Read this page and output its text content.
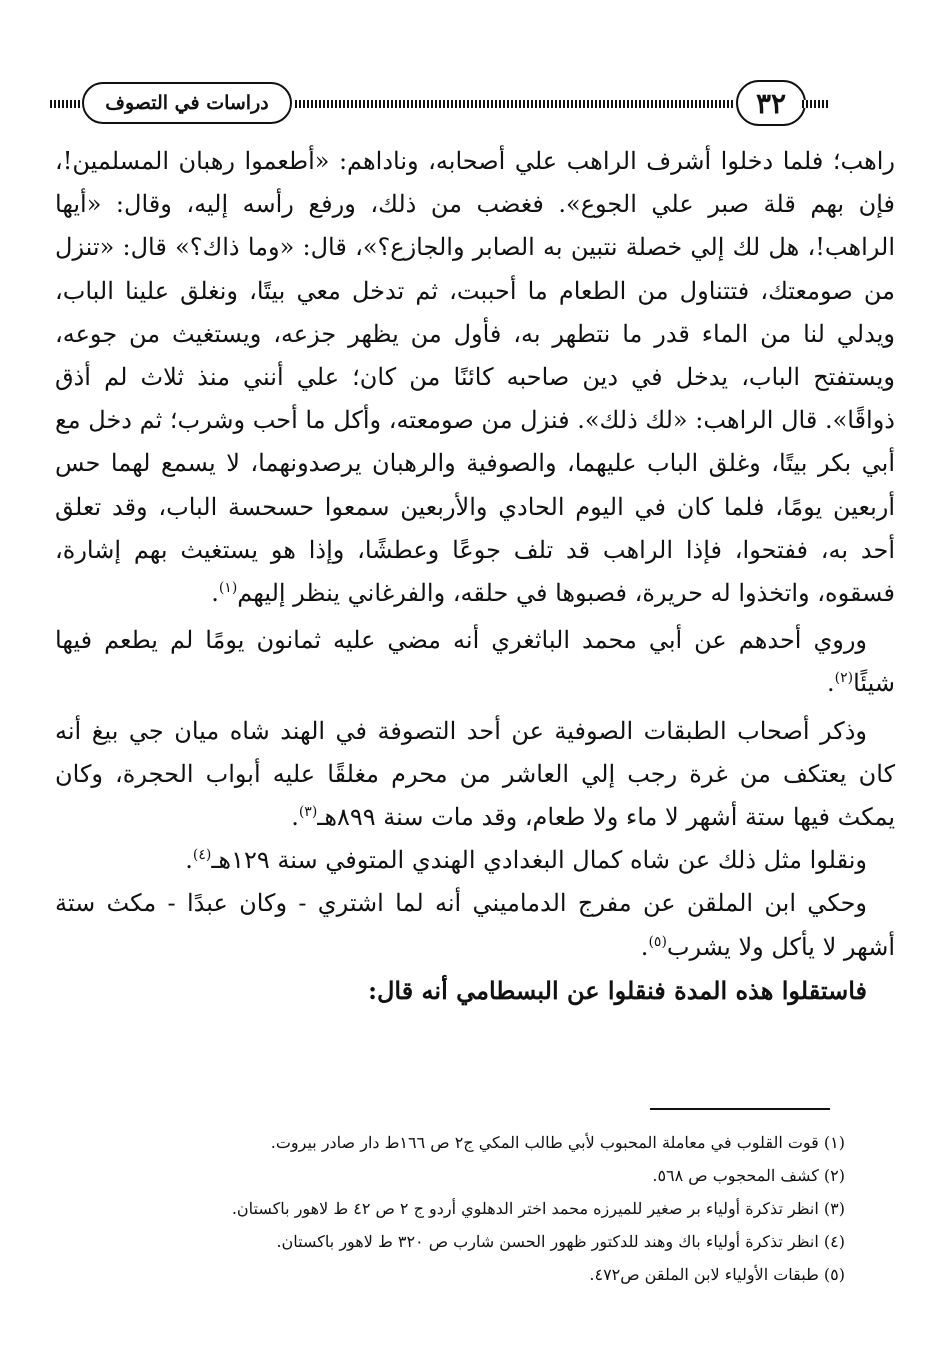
دراسات في التصوف	٣٢

راهب؛ فلما دخلوا أشرف الراهب علي أصحابه، وناداهم: «أطعموا رهبان المسلمين!، فإن بهم قلة صبر علي الجوع». فغضب من ذلك، ورفع رأسه إليه، وقال: «أيها الراهب!، هل لك إلي خصلة نتبين به الصابر والجازع؟»، قال: «وما ذاك؟» قال: «تنزل من صومعتك، فتتناول من الطعام ما أحببت، ثم تدخل معي بيتًا، ونغلق علينا الباب، ويدلي لنا من الماء قدر ما نتطهر به، فأول من يظهر جزعه، ويستغيث من جوعه، ويستفتح الباب، يدخل في دين صاحبه كائنًا من كان؛ علي أنني منذ ثلاث لم أذق ذواقًا». قال الراهب: «لك ذلك». فنزل من صومعته، وأكل ما أحب وشرب؛ ثم دخل مع أبي بكر بيتًا، وغلق الباب عليهما، والصوفية والرهبان يرصدونهما، لا يسمع لهما حس أربعين يومًا، فلما كان في اليوم الحادي والأربعين سمعوا حسحسة الباب، وقد تعلق أحد به، ففتحوا، فإذا الراهب قد تلف جوعًا وعطشًا، وإذا هو يستغيث بهم إشارة، فسقوه، واتخذوا له حريرة، فصبوها في حلقه، والفرغاني ينظر إليهم$^{(١)}$.

وروي أحدهم عن أبي محمد الباثغري أنه مضي عليه ثمانون يومًا لم يطعم فيها شيئًا$^{(٢)}$.

وذكر أصحاب الطبقات الصوفية عن أحد التصوفة في الهند شاه ميان جي بيغ أنه كان يعتكف من غرة رجب إلي العاشر من محرم مغلقًا عليه أبواب الحجرة، وكان يمكث فيها ستة أشهر لا ماء ولا طعام، وقد مات سنة ٨٩٩هـ$^{(٣)}$.

ونقلوا مثل ذلك عن شاه كمال البغدادي الهندي المتوفي سنة ١٢٩هـ$^{(٤)}$.

وحكي ابن الملقن عن مفرج الدماميني أنه لما اشتري - وكان عبدًا - مكث ستة أشهر لا يأكل ولا يشرب$^{(٥)}$.

فاستقلوا هذه المدة فنقلوا عن البسطامي أنه قال:

(١) قوت القلوب في معاملة المحبوب لأبي طالب المكي ج٢ ص ١٦٦ط دار صادر بيروت.

(٢) كشف المحجوب ص ٥٦٨.

(٣) انظر تذكرة أولياء بر صغير للميرزه محمد اختر الدهلوي أردو ج ٢ ص ٤٢ ط لاهور باكستان.

(٤) انظر تذكرة أولياء باك وهند للدكتور ظهور الحسن شارب ص ٣٢٠ ط لاهور باكستان.

(٥) طبقات الأولياء لابن الملقن ص٤٧٢.
